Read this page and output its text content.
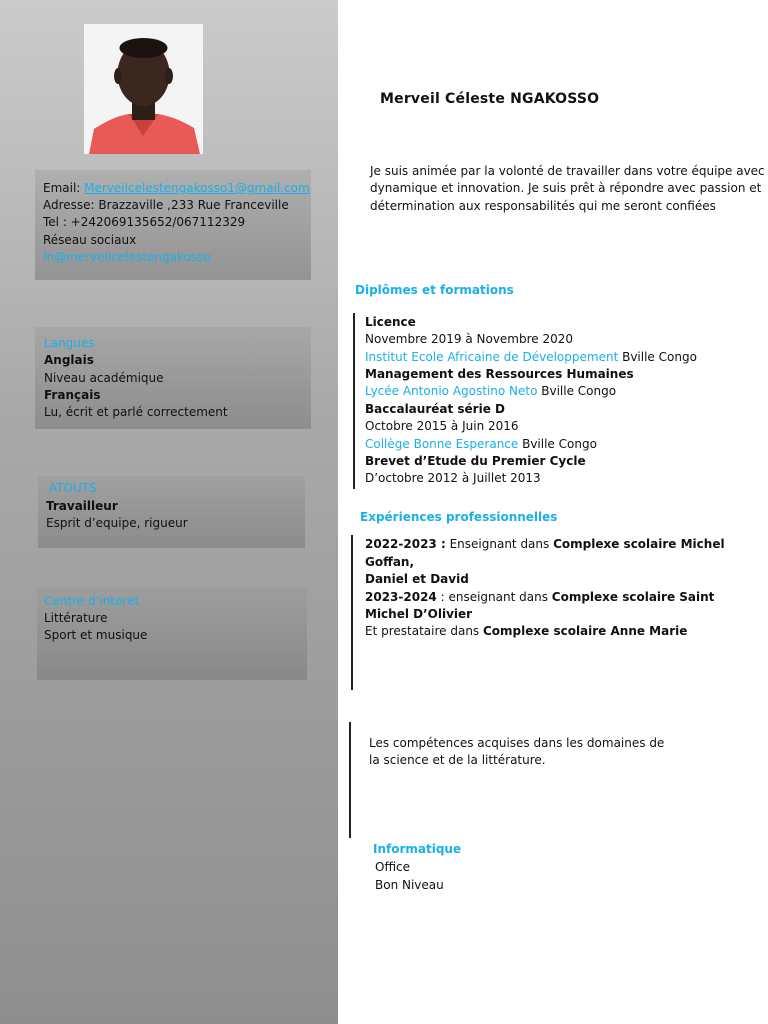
Email: Merveilcelestengakosso1@gmail.com
Adresse: Brazzaville ,233 Rue Franceville
Tel : +242069135652/067112329
Réseau sociaux
In@merveilcelestengakosso
Langues
Anglais
Niveau académique
Français
Lu, écrit et parlé correctement
ATOUTS
Travailleur
Esprit d’equipe, rigueur
Centre d’interet
Littérature
Sport et musique
Merveil Céleste NGAKOSSO
Je suis animée par la volonté de travailler dans votre équipe avec
dynamique et innovation. Je suis prêt à répondre avec passion et
détermination aux responsabilités qui me seront confiées
Diplômes et formations
Licence
Novembre 2019 à Novembre 2020
Institut Ecole Africaine de Développement Bville Congo
Management des Ressources Humaines
Lycée Antonio Agostino Neto Bville Congo
Baccalauréat série D
Octobre 2015 à Juin 2016
Collège Bonne Esperance Bville Congo
Brevet d’Etude du Premier Cycle
D’octobre 2012 à Juillet 2013
Expériences professionnelles
2022-2023 : Enseignant dans Complexe scolaire Michel
Goffan,
Daniel et David
2023-2024 : enseignant dans Complexe scolaire Saint
Michel D’Olivier
Et prestataire dans Complexe scolaire Anne Marie
Les compétences acquises dans les domaines de
la science et de la littérature.
Informatique
Office
Bon Niveau
